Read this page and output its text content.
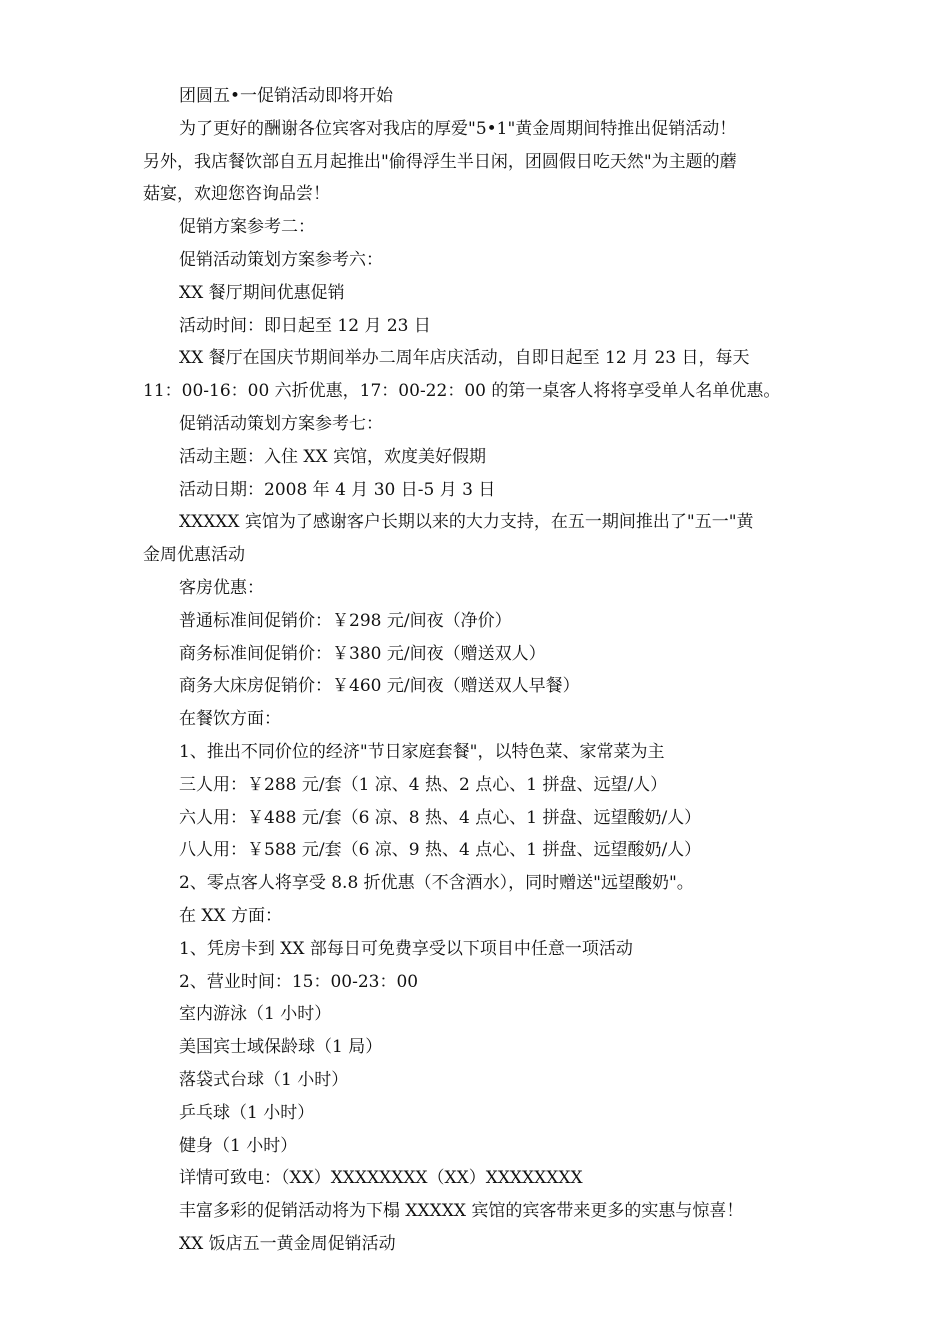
团圆五•一促销活动即将开始

为了更好的酬谢各位宾客对我店的厚爱"5•1"黄金周期间特推出促销活动！

另外，我店餐饮部自五月起推出"偷得浮生半日闲，团圆假日吃天然"为主题的蘑

菇宴，欢迎您咨询品尝！

促销方案参考二：

促销活动策划方案参考六：

XX 餐厅期间优惠促销

活动时间：即日起至 12 月 23 日

XX 餐厅在国庆节期间举办二周年店庆活动，自即日起至 12 月 23 日，每天

11：00-16：00 六折优惠，17：00-22：00 的第一桌客人将将享受单人名单优惠。

促销活动策划方案参考七：

活动主题：入住 XX 宾馆，欢度美好假期

活动日期：2008 年 4 月 30 日-5 月 3 日

XXXXX 宾馆为了感谢客户长期以来的大力支持，在五一期间推出了"五一"黄

金周优惠活动

客房优惠：

普通标准间促销价：￥298 元/间夜（净价）

商务标准间促销价：￥380 元/间夜（赠送双人）

商务大床房促销价：￥460 元/间夜（赠送双人早餐）

在餐饮方面：

1、推出不同价位的经济"节日家庭套餐"，以特色菜、家常菜为主

三人用：￥288 元/套（1 凉、4 热、2 点心、1 拼盘、远望/人）

六人用：￥488 元/套（6 凉、8 热、4 点心、1 拼盘、远望酸奶/人）

八人用：￥588 元/套（6 凉、9 热、4 点心、1 拼盘、远望酸奶/人）

2、零点客人将享受 8.8 折优惠（不含酒水），同时赠送"远望酸奶"。

在 XX 方面：

1、凭房卡到 XX 部每日可免费享受以下项目中任意一项活动

2、营业时间：15：00-23：00

室内游泳（1 小时）

美国宾士域保龄球（1 局）

落袋式台球（1 小时）

乒乓球（1 小时）

健身（1 小时）

详情可致电：（XX）XXXXXXXX（XX）XXXXXXXX

丰富多彩的促销活动将为下榻 XXXXX 宾馆的宾客带来更多的实惠与惊喜！

XX 饭店五一黄金周促销活动
